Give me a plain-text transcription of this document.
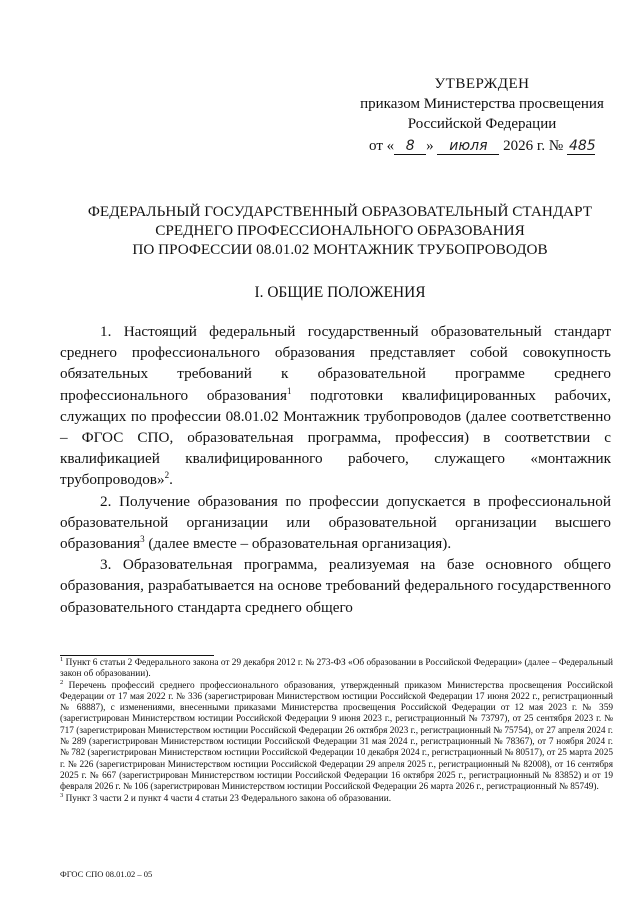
УТВЕРЖДЕН
приказом Министерства просвещения
Российской Федерации
от « 8 » июля 2026 г. № 485
ФЕДЕРАЛЬНЫЙ ГОСУДАРСТВЕННЫЙ ОБРАЗОВАТЕЛЬНЫЙ СТАНДАРТ
СРЕДНЕГО ПРОФЕССИОНАЛЬНОГО ОБРАЗОВАНИЯ
ПО ПРОФЕССИИ 08.01.02 МОНТАЖНИК ТРУБОПРОВОДОВ
I. ОБЩИЕ ПОЛОЖЕНИЯ

1. Настоящий федеральный государственный образовательный стандарт среднего профессионального образования представляет собой совокупность обязательных требований к образовательной программе среднего профессионального образования$^1$ подготовки квалифицированных рабочих, служащих по профессии 08.01.02 Монтажник трубопроводов (далее соответственно – ФГОС СПО, образовательная программа, профессия) в соответствии с квалификацией квалифицированного рабочего, служащего «монтажник трубопроводов»$^2$.

2. Получение образования по профессии допускается в профессиональной образовательной организации или образовательной организации высшего образования$^3$ (далее вместе – образовательная организация).

3. Образовательная программа, реализуемая на базе основного общего образования, разрабатывается на основе требований федерального государственного образовательного стандарта среднего общего

$^1$ Пункт 6 статьи 2 Федерального закона от 29 декабря 2012 г. № 273-ФЗ «Об образовании в Российской Федерации» (далее – Федеральный закон об образовании).

$^2$ Перечень профессий среднего профессионального образования, утвержденный приказом Министерства просвещения Российской Федерации от 17 мая 2022 г. № 336 (зарегистрирован Министерством юстиции Российской Федерации 17 июня 2022 г., регистрационный № 68887), с изменениями, внесенными приказами Министерства просвещения Российской Федерации от 12 мая 2023 г. № 359 (зарегистрирован Министерством юстиции Российской Федерации 9 июня 2023 г., регистрационный № 73797), от 25 сентября 2023 г. № 717 (зарегистрирован Министерством юстиции Российской Федерации 26 октября 2023 г., регистрационный № 75754), от 27 апреля 2024 г. № 289 (зарегистрирован Министерством юстиции Российской Федерации 31 мая 2024 г., регистрационный № 78367), от 7 ноября 2024 г. № 782 (зарегистрирован Министерством юстиции Российской Федерации 10 декабря 2024 г., регистрационный № 80517), от 25 марта 2025 г. № 226 (зарегистрирован Министерством юстиции Российской Федерации 29 апреля 2025 г., регистрационный № 82008), от 16 сентября 2025 г. № 667 (зарегистрирован Министерством юстиции Российской Федерации 16 октября 2025 г., регистрационный № 83852) и от 19 февраля 2026 г. № 106 (зарегистрирован Министерством юстиции Российской Федерации 26 марта 2026 г., регистрационный № 85749).

$^3$ Пункт 3 части 2 и пункт 4 части 4 статьи 23 Федерального закона об образовании.

ФГОС СПО 08.01.02 – 05
